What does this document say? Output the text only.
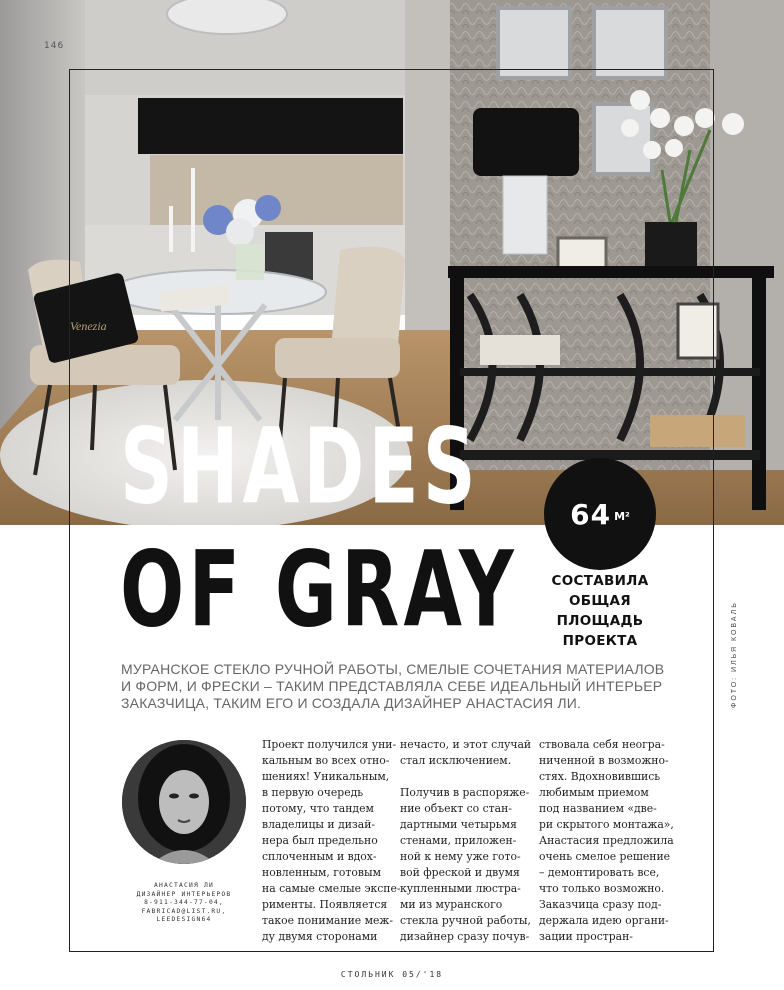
Venezia
146
SHADES
OF GRAY
64 М²
СОСТАВИЛА
ОБЩАЯ ПЛОЩАДЬ
ПРОЕКТА	ФОТО: ИЛЬЯ КОВАЛЬ
МУРАНСКОЕ СТЕКЛО РУЧНОЙ РАБОТЫ, СМЕЛЫЕ СОЧЕТАНИЯ МАТЕРИАЛОВ
И ФОРМ, И ФРЕСКИ – ТАКИМ ПРЕДСТАВЛЯЛА СЕБЕ ИДЕАЛЬНЫЙ ИНТЕРЬЕР
ЗАКАЗЧИЦА, ТАКИМ ЕГО И СОЗДАЛА ДИЗАЙНЕР АНАСТАСИЯ ЛИ.
АНАСТАСИЯ ЛИ
ДИЗАЙНЕР ИНТЕРЬЕРОВ
8-911-344-77-04,
FABRICAD@LIST.RU,
LEEDESIGN64
Проект получился уни-
кальным во всех отно-
шениях! Уникальным,
в первую очередь
потому, что тандем
владелицы и дизай-
нера был предельно
сплоченным и вдох-
новленным, готовым
на самые смелые экспе-
рименты. Появляется
такое понимание меж-
ду двумя сторонами
нечасто, и этот случай
стал исключением.
Получив в распоряже-
ние объект со стан-
дартными четырьмя
стенами, приложен-
ной к нему уже гото-
вой фреской и двумя
купленными люстра-
ми из муранского
стекла ручной работы,
дизайнер сразу почув-
ствовала себя неогра-
ниченной в возможно-
стях. Вдохновившись
любимым приемом
под названием «две-
ри скрытого монтажа»,
Анастасия предложила
очень смелое решение
– демонтировать все,
что только возможно.
Заказчица сразу под-
держала идею органи-
зации простран-
СТОЛЬНИК 05/'18
